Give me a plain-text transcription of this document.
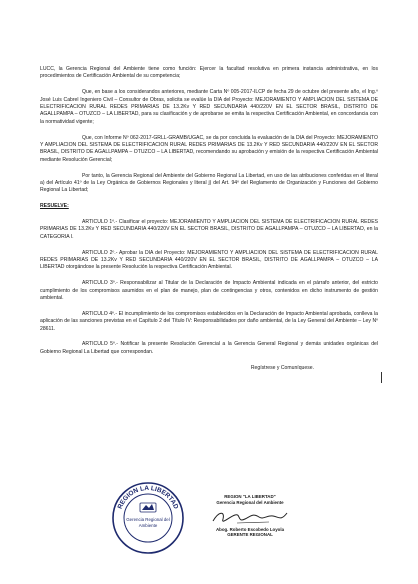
LUCC, la Gerencia Regional del Ambiente tiene como función: Ejercer la facultad resolutiva en primera instancia administrativa, en los procedimientos de Certificación Ambiental de su competencia;

Que, en base a los considerandos anteriores, mediante Carta Nº 005-2017-ILCP de fecha 29 de octubre del presente año, el Ing.º José Luis Cabrel Ingeniero Civil – Consultor de Obras, solicita se evalúe la DIA del Proyecto: MEJORAMIENTO Y AMPLIACION DEL SISTEMA DE ELECTRIFICACION RURAL REDES PRIMARIAS DE 13.2Kv Y RED SECUNDARIA 440/220V EN EL SECTOR BRASIL, DISTRITO DE AGALLPAMPA – OTUZCO – LA LIBERTAD, para su clasificación y de aprobarse se emita la respectiva Certificación Ambiental, en concordancia con la normatividad vigente;

Que, con Informe Nº 062-2017-GRLL-GRAMB/UGAC, se da por concluida la evaluación de la DIA del Proyecto: MEJORAMIENTO Y AMPLIACION DEL SISTEMA DE ELECTRIFICACION RURAL REDES PRIMARIAS DE 13.2Kv Y RED SECUNDARIA 440/220V EN EL SECTOR BRASIL, DISTRITO DE AGALLPAMPA – OTUZCO – LA LIBERTAD, recomendando su aprobación y emisión de la respectiva Certificación Ambiental mediante Resolución Gerencial;

Por tanto, la Gerencia Regional del Ambiente del Gobierno Regional La Libertad, en uso de las atribuciones conferidas en el literal a) del Artículo 41º de la Ley Orgánica de Gobiernos Regionales y literal j) del Art. 94º del Reglamento de Organización y Funciones del Gobierno Regional La Libertad;

RESUELVE:

ARTICULO 1º.- Clasificar el proyecto: MEJORAMIENTO Y AMPLIACION DEL SISTEMA DE ELECTRIFICACION RURAL REDES PRIMARIAS DE 13.2Kv Y RED SECUNDARIA 440/220V EN EL SECTOR BRASIL, DISTRITO DE AGALLPAMPA – OTUZCO – LA LIBERTAD, en la CATEGORIA I.

ARTICULO 2º.- Aprobar la DIA del Proyecto: MEJORAMIENTO Y AMPLIACION DEL SISTEMA DE ELECTRIFICACION RURAL REDES PRIMARIAS DE 13.2Kv Y RED SECUNDARIA 440/220V EN EL SECTOR BRASIL, DISTRITO DE AGALLPAMPA – OTUZCO – LA LIBERTAD otorgándose la presente Resolución la respectiva Certificación Ambiental.

ARTICULO 3º.- Responsabilizar al Titular de la Declaración de Impacto Ambiental indicada en el párrafo anterior, del estricto cumplimiento de los compromisos asumidos en el plan de manejo, plan de contingencias y otros, contenidos en dicho instrumento de gestión ambiental.

ARTICULO 4º.- El incumplimiento de los compromisos establecidos en la Declaración de Impacto Ambiental aprobada, conlleva la aplicación de las sanciones previstas en el Capítulo 2 del Título IV: Responsabilidades por daño ambiental, de la Ley General del Ambiente – Ley Nº 28611.

ARTICULO 5º.- Notificar la presente Resolución Gerencial a la Gerencia General Regional y demás unidades orgánicas del Gobierno Regional La Libertad que correspondan.

Regístrese y Comuníquese.

REGION LA LIBERTAD
Gerencia Regional del
Ambiente
REGION "LA LIBERTAD"
Gerencia Regional del Ambiente
Abog. Roberto Escobedo Loyola
GERENTE REGIONAL
